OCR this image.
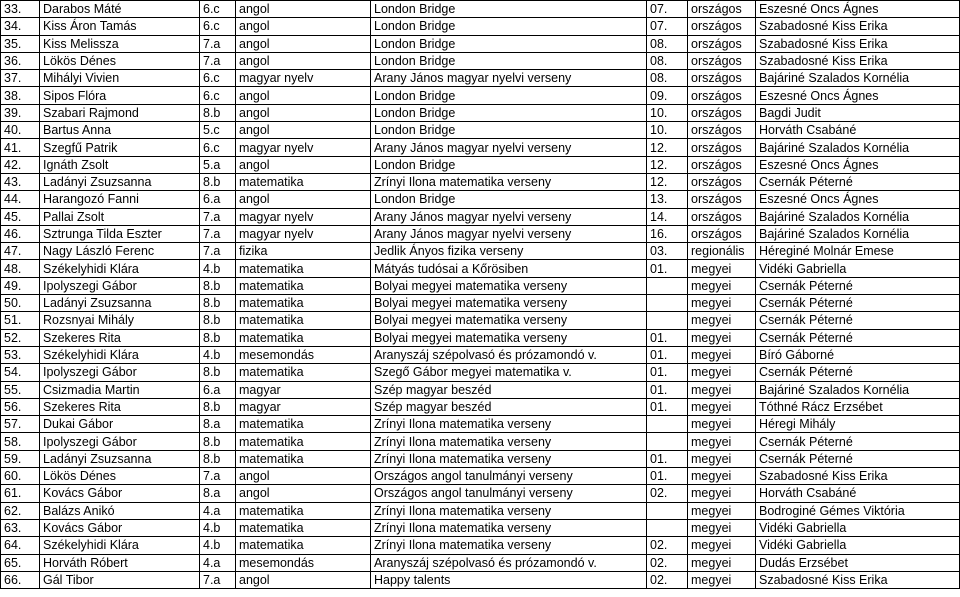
33.	Darabos Máté	6.c	angol	London Bridge	07.	országos	Eszesné Oncs Ágnes
34.	Kiss Áron Tamás	6.c	angol	London Bridge	07.	országos	Szabadosné Kiss Erika
35.	Kiss Melissza	7.a	angol	London Bridge	08.	országos	Szabadosné Kiss Erika
36.	Lökös Dénes	7.a	angol	London Bridge	08.	országos	Szabadosné Kiss Erika
37.	Mihályi Vivien	6.c	magyar nyelv	Arany János magyar nyelvi verseny	08.	országos	Bajáriné Szalados Kornélia
38.	Sipos Flóra	6.c	angol	London Bridge	09.	országos	Eszesné Oncs Ágnes
39.	Szabari Rajmond	8.b	angol	London Bridge	10.	országos	Bagdi Judit
40.	Bartus Anna	5.c	angol	London Bridge	10.	országos	Horváth Csabáné
41.	Szegfű Patrik	6.c	magyar nyelv	Arany János magyar nyelvi verseny	12.	országos	Bajáriné Szalados Kornélia
42.	Ignáth Zsolt	5.a	angol	London Bridge	12.	országos	Eszesné Oncs Ágnes
43.	Ladányi Zsuzsanna	8.b	matematika	Zrínyi Ilona matematika verseny	12.	országos	Csernák Péterné
44.	Harangozó Fanni	6.a	angol	London Bridge	13.	országos	Eszesné Oncs Ágnes
45.	Pallai Zsolt	7.a	magyar nyelv	Arany János magyar nyelvi verseny	14.	országos	Bajáriné Szalados Kornélia
46.	Sztrunga Tilda Eszter	7.a	magyar nyelv	Arany János magyar nyelvi verseny	16.	országos	Bajáriné Szalados Kornélia
47.	Nagy László Ferenc	7.a	fizika	Jedlik Ányos fizika verseny	03.	regionális	Héreginé Molnár Emese
48.	Székelyhidi Klára	4.b	matematika	Mátyás tudósai a Kőrösiben	01.	megyei	Vidéki Gabriella
49.	Ipolyszegi Gábor	8.b	matematika	Bolyai megyei matematika verseny		megyei	Csernák Péterné
50.	Ladányi Zsuzsanna	8.b	matematika	Bolyai megyei matematika verseny		megyei	Csernák Péterné
51.	Rozsnyai Mihály	8.b	matematika	Bolyai megyei matematika verseny		megyei	Csernák Péterné
52.	Szekeres Rita	8.b	matematika	Bolyai megyei matematika verseny	01.	megyei	Csernák Péterné
53.	Székelyhidi Klára	4.b	mesemondás	Aranyszáj szépolvasó és prózamondó v.	01.	megyei	Bíró Gáborné
54.	Ipolyszegi Gábor	8.b	matematika	Szegő Gábor megyei matematika v.	01.	megyei	Csernák Péterné
55.	Csizmadia Martin	6.a	magyar	Szép magyar beszéd	01.	megyei	Bajáriné Szalados Kornélia
56.	Szekeres Rita	8.b	magyar	Szép magyar beszéd	01.	megyei	Tóthné Rácz Erzsébet
57.	Dukai Gábor	8.a	matematika	Zrínyi Ilona matematika verseny		megyei	Héregi Mihály
58.	Ipolyszegi Gábor	8.b	matematika	Zrínyi Ilona matematika verseny		megyei	Csernák Péterné
59.	Ladányi Zsuzsanna	8.b	matematika	Zrínyi Ilona matematika verseny	01.	megyei	Csernák Péterné
60.	Lökös Dénes	7.a	angol	Országos angol tanulmányi verseny	01.	megyei	Szabadosné Kiss Erika
61.	Kovács Gábor	8.a	angol	Országos angol tanulmányi verseny	02.	megyei	Horváth Csabáné
62.	Balázs Anikó	4.a	matematika	Zrínyi Ilona matematika verseny		megyei	Bodroginé Gémes Viktória
63.	Kovács Gábor	4.b	matematika	Zrínyi Ilona matematika verseny		megyei	Vidéki Gabriella
64.	Székelyhidi Klára	4.b	matematika	Zrínyi Ilona matematika verseny	02.	megyei	Vidéki Gabriella
65.	Horváth Róbert	4.a	mesemondás	Aranyszáj szépolvasó és prózamondó v.	02.	megyei	Dudás Erzsébet
66.	Gál Tibor	7.a	angol	Happy talents	02.	megyei	Szabadosné Kiss Erika
